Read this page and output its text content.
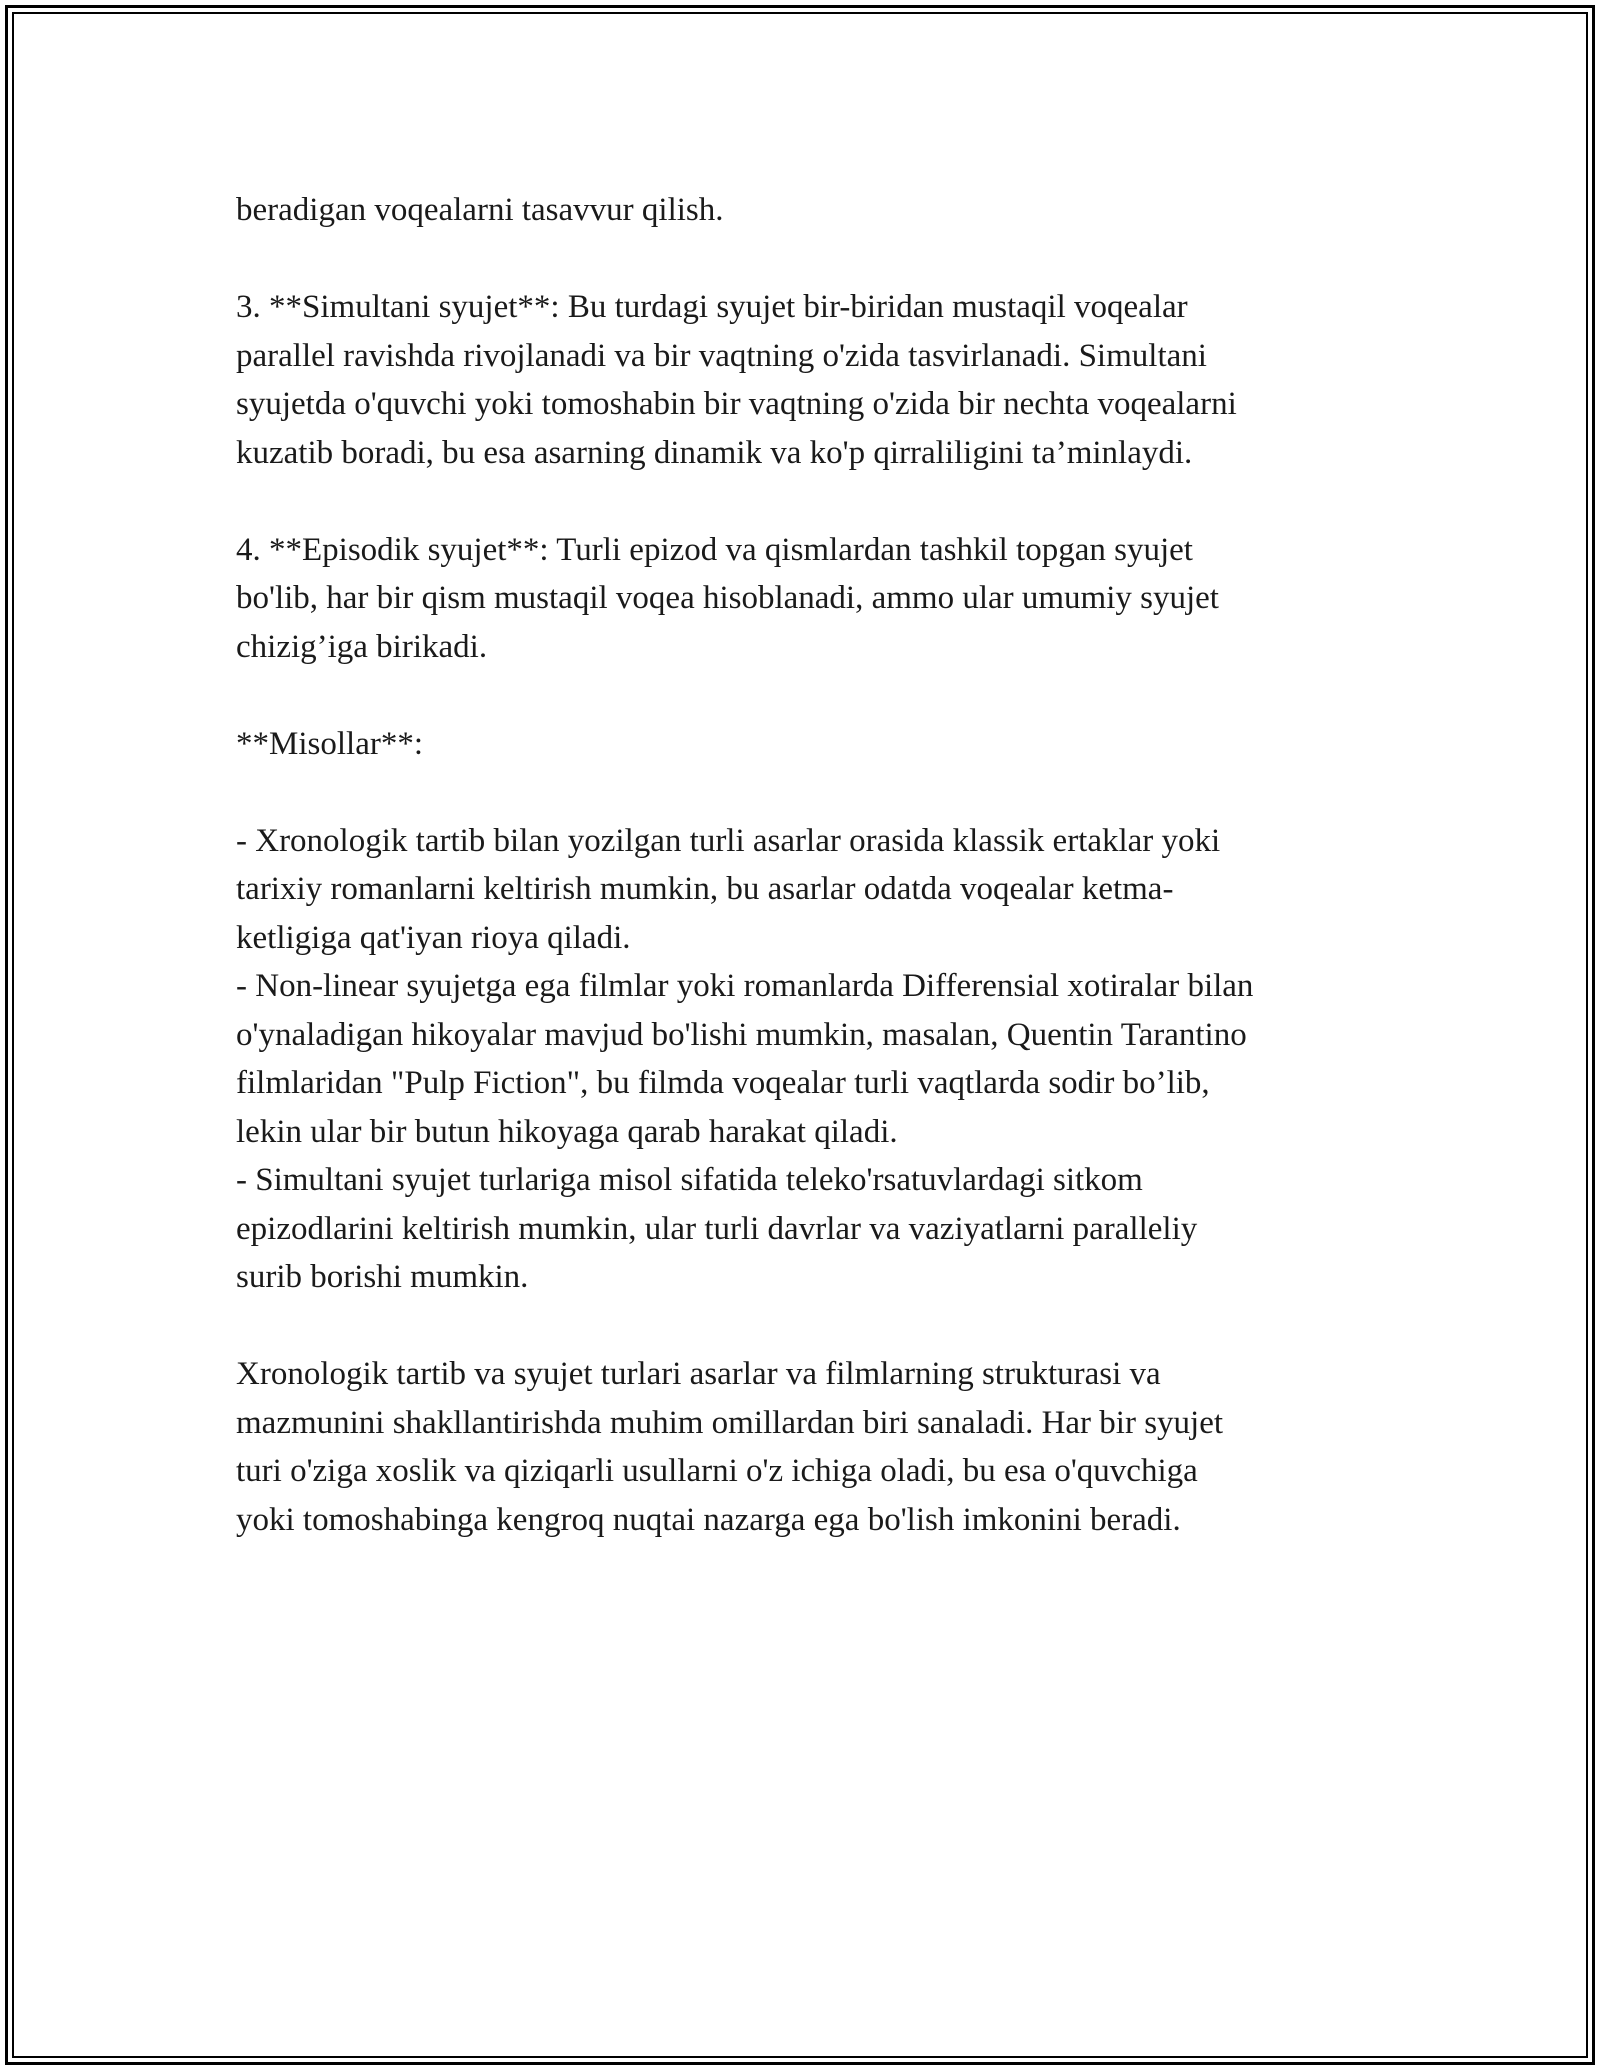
beradigan voqealarni tasavvur qilish.

3. **Simultani syujet**: Bu turdagi syujet bir-biridan mustaqil voqealar
parallel ravishda rivojlanadi va bir vaqtning o'zida tasvirlanadi. Simultani
syujetda o'quvchi yoki tomoshabin bir vaqtning o'zida bir nechta voqealarni
kuzatib boradi, bu esa asarning dinamik va ko'p qirraliligini ta’minlaydi.

4. **Episodik syujet**: Turli epizod va qismlardan tashkil topgan syujet
bo'lib, har bir qism mustaqil voqea hisoblanadi, ammo ular umumiy syujet
chizig’iga birikadi.

**Misollar**:

- Xronologik tartib bilan yozilgan turli asarlar orasida klassik ertaklar yoki
tarixiy romanlarni keltirish mumkin, bu asarlar odatda voqealar ketma-
ketligiga qat'iyan rioya qiladi.
- Non-linear syujetga ega filmlar yoki romanlarda Differensial xotiralar bilan
o'ynaladigan hikoyalar mavjud bo'lishi mumkin, masalan, Quentin Tarantino
filmlaridan "Pulp Fiction", bu filmda voqealar turli vaqtlarda sodir bo’lib,
lekin ular bir butun hikoyaga qarab harakat qiladi.
- Simultani syujet turlariga misol sifatida teleko'rsatuvlardagi sitkom
epizodlarini keltirish mumkin, ular turli davrlar va vaziyatlarni paralleliy
surib borishi mumkin.

Xronologik tartib va syujet turlari asarlar va filmlarning strukturasi va
mazmunini shakllantirishda muhim omillardan biri sanaladi. Har bir syujet
turi o'ziga xoslik va qiziqarli usullarni o'z ichiga oladi, bu esa o'quvchiga
yoki tomoshabinga kengroq nuqtai nazarga ega bo'lish imkonini beradi.
